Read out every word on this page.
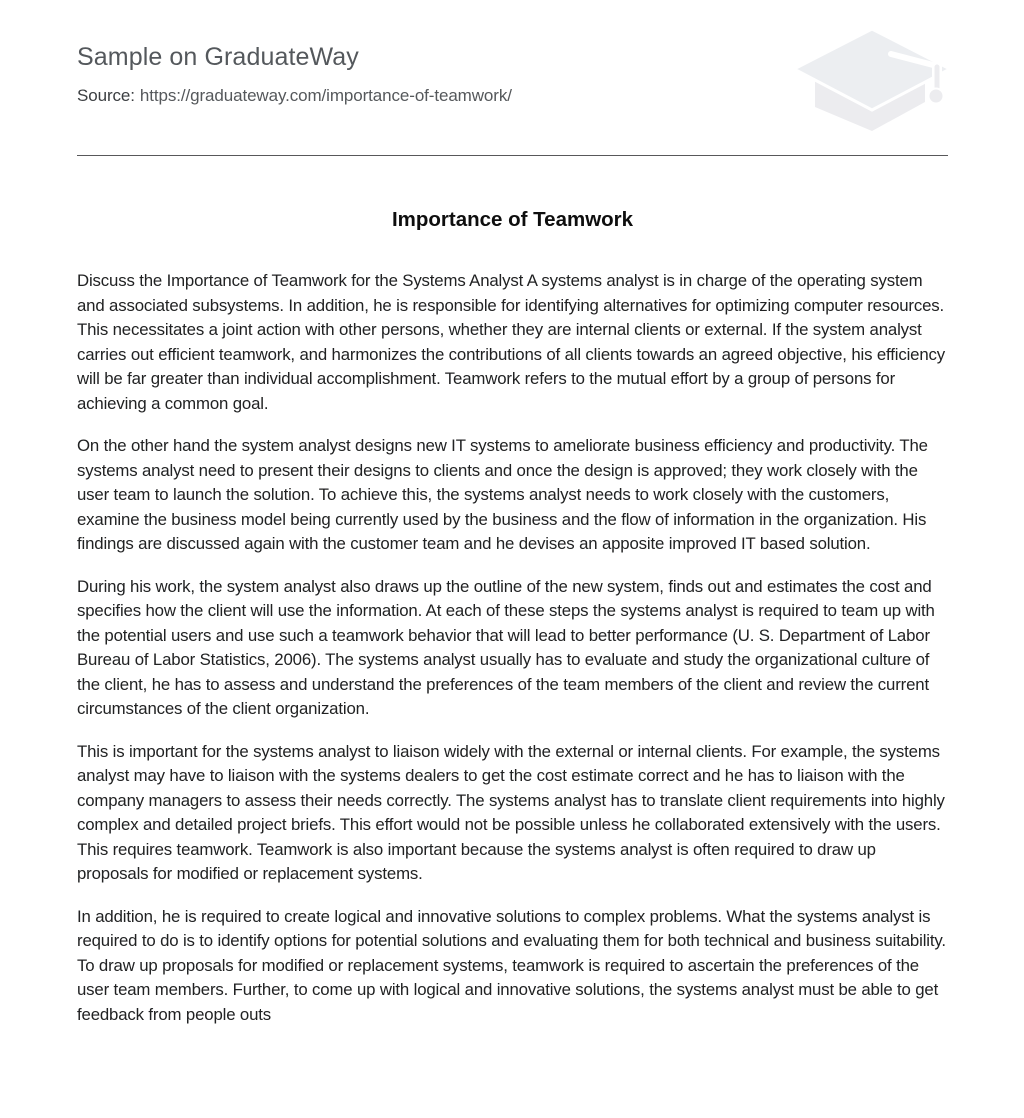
Sample on GraduateWay
Source: https://graduateway.com/importance-of-teamwork/
Importance of Teamwork

Discuss the Importance of Teamwork for the Systems Analyst A systems analyst is in charge of the operating system and associated subsystems. In addition, he is responsible for identifying alternatives for optimizing computer resources. This necessitates a joint action with other persons, whether they are internal clients or external. If the system analyst carries out efficient teamwork, and harmonizes the contributions of all clients towards an agreed objective, his efficiency will be far greater than individual accomplishment. Teamwork refers to the mutual effort by a group of persons for achieving a common goal.

On the other hand the system analyst designs new IT systems to ameliorate business efficiency and productivity. The systems analyst need to present their designs to clients and once the design is approved; they work closely with the user team to launch the solution. To achieve this, the systems analyst needs to work closely with the customers, examine the business model being currently used by the business and the flow of information in the organization. His findings are discussed again with the customer team and he devises an apposite improved IT based solution.

During his work, the system analyst also draws up the outline of the new system, finds out and estimates the cost and specifies how the client will use the information. At each of these steps the systems analyst is required to team up with the potential users and use such a teamwork behavior that will lead to better performance (U. S. Department of Labor Bureau of Labor Statistics, 2006). The systems analyst usually has to evaluate and study the organizational culture of the client, he has to assess and understand the preferences of the team members of the client and review the current circumstances of the client organization.

This is important for the systems analyst to liaison widely with the external or internal clients. For example, the systems analyst may have to liaison with the systems dealers to get the cost estimate correct and he has to liaison with the company managers to assess their needs correctly. The systems analyst has to translate client requirements into highly complex and detailed project briefs. This effort would not be possible unless he collaborated extensively with the users. This requires teamwork. Teamwork is also important because the systems analyst is often required to draw up proposals for modified or replacement systems.

In addition, he is required to create logical and innovative solutions to complex problems. What the systems analyst is required to do is to identify options for potential solutions and evaluating them for both technical and business suitability. To draw up proposals for modified or replacement systems, teamwork is required to ascertain the preferences of the user team members. Further, to come up with logical and innovative solutions, the systems analyst must be able to get feedback from people outs
